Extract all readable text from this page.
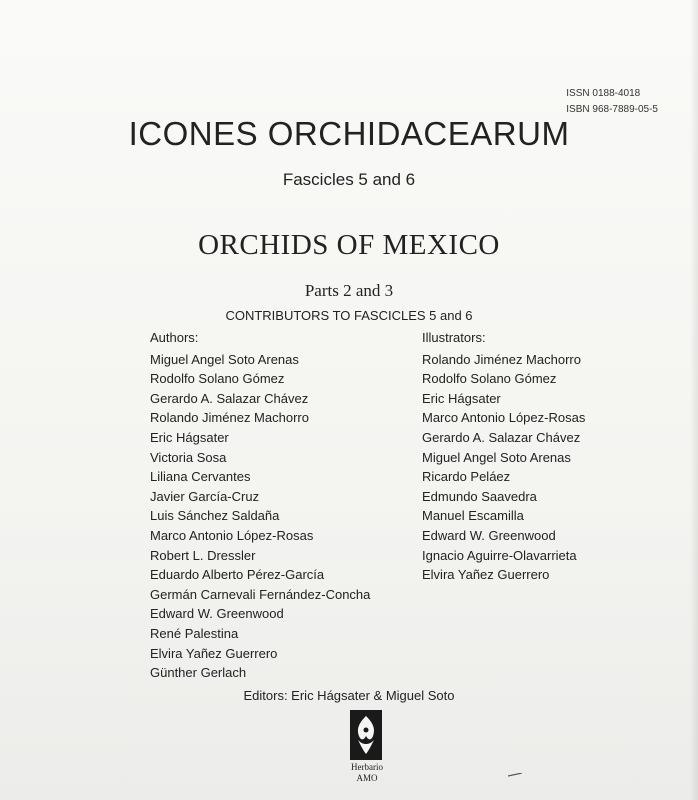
ISSN 0188-4018
ISBN 968-7889-05-5
ICONES ORCHIDACEARUM
Fascicles 5 and 6
ORCHIDS OF MEXICO
Parts 2 and 3
CONTRIBUTORS TO FASCICLES 5 and 6
Authors:
Miguel Angel Soto Arenas
Rodolfo Solano Gómez
Gerardo A. Salazar Chávez
Rolando Jiménez Machorro
Eric Hágsater
Victoria Sosa
Liliana Cervantes
Javier García-Cruz
Luis Sánchez Saldaña
Marco Antonio López-Rosas
Robert L. Dressler
Eduardo Alberto Pérez-García
Germán Carnevali Fernández-Concha
Edward W. Greenwood
René Palestina
Elvira Yañez Guerrero
Günther Gerlach
Illustrators:
Rolando Jiménez Machorro
Rodolfo Solano Gómez
Eric Hágsater
Marco Antonio López-Rosas
Gerardo A. Salazar Chávez
Miguel Angel Soto Arenas
Ricardo Peláez
Edmundo Saavedra
Manuel Escamilla
Edward W. Greenwood
Ignacio Aguirre-Olavarrieta
Elvira Yañez Guerrero
Editors: Eric Hágsater & Miguel Soto
Herbario
AMO
